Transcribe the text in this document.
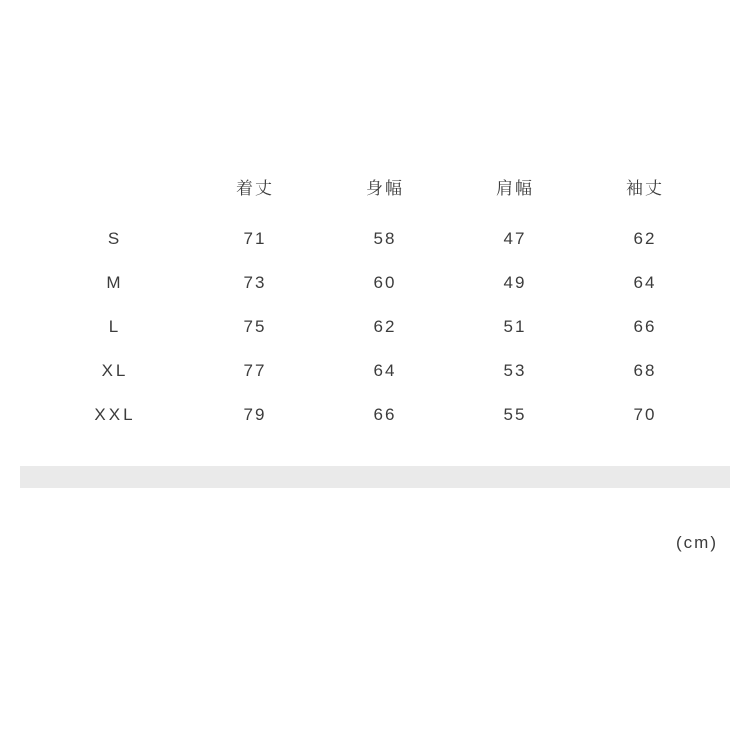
	着丈	身幅	肩幅	袖丈
S	71	58	47	62
M	73	60	49	64
L	75	62	51	66
XL	77	64	53	68
XXL	79	66	55	70
(cm)
